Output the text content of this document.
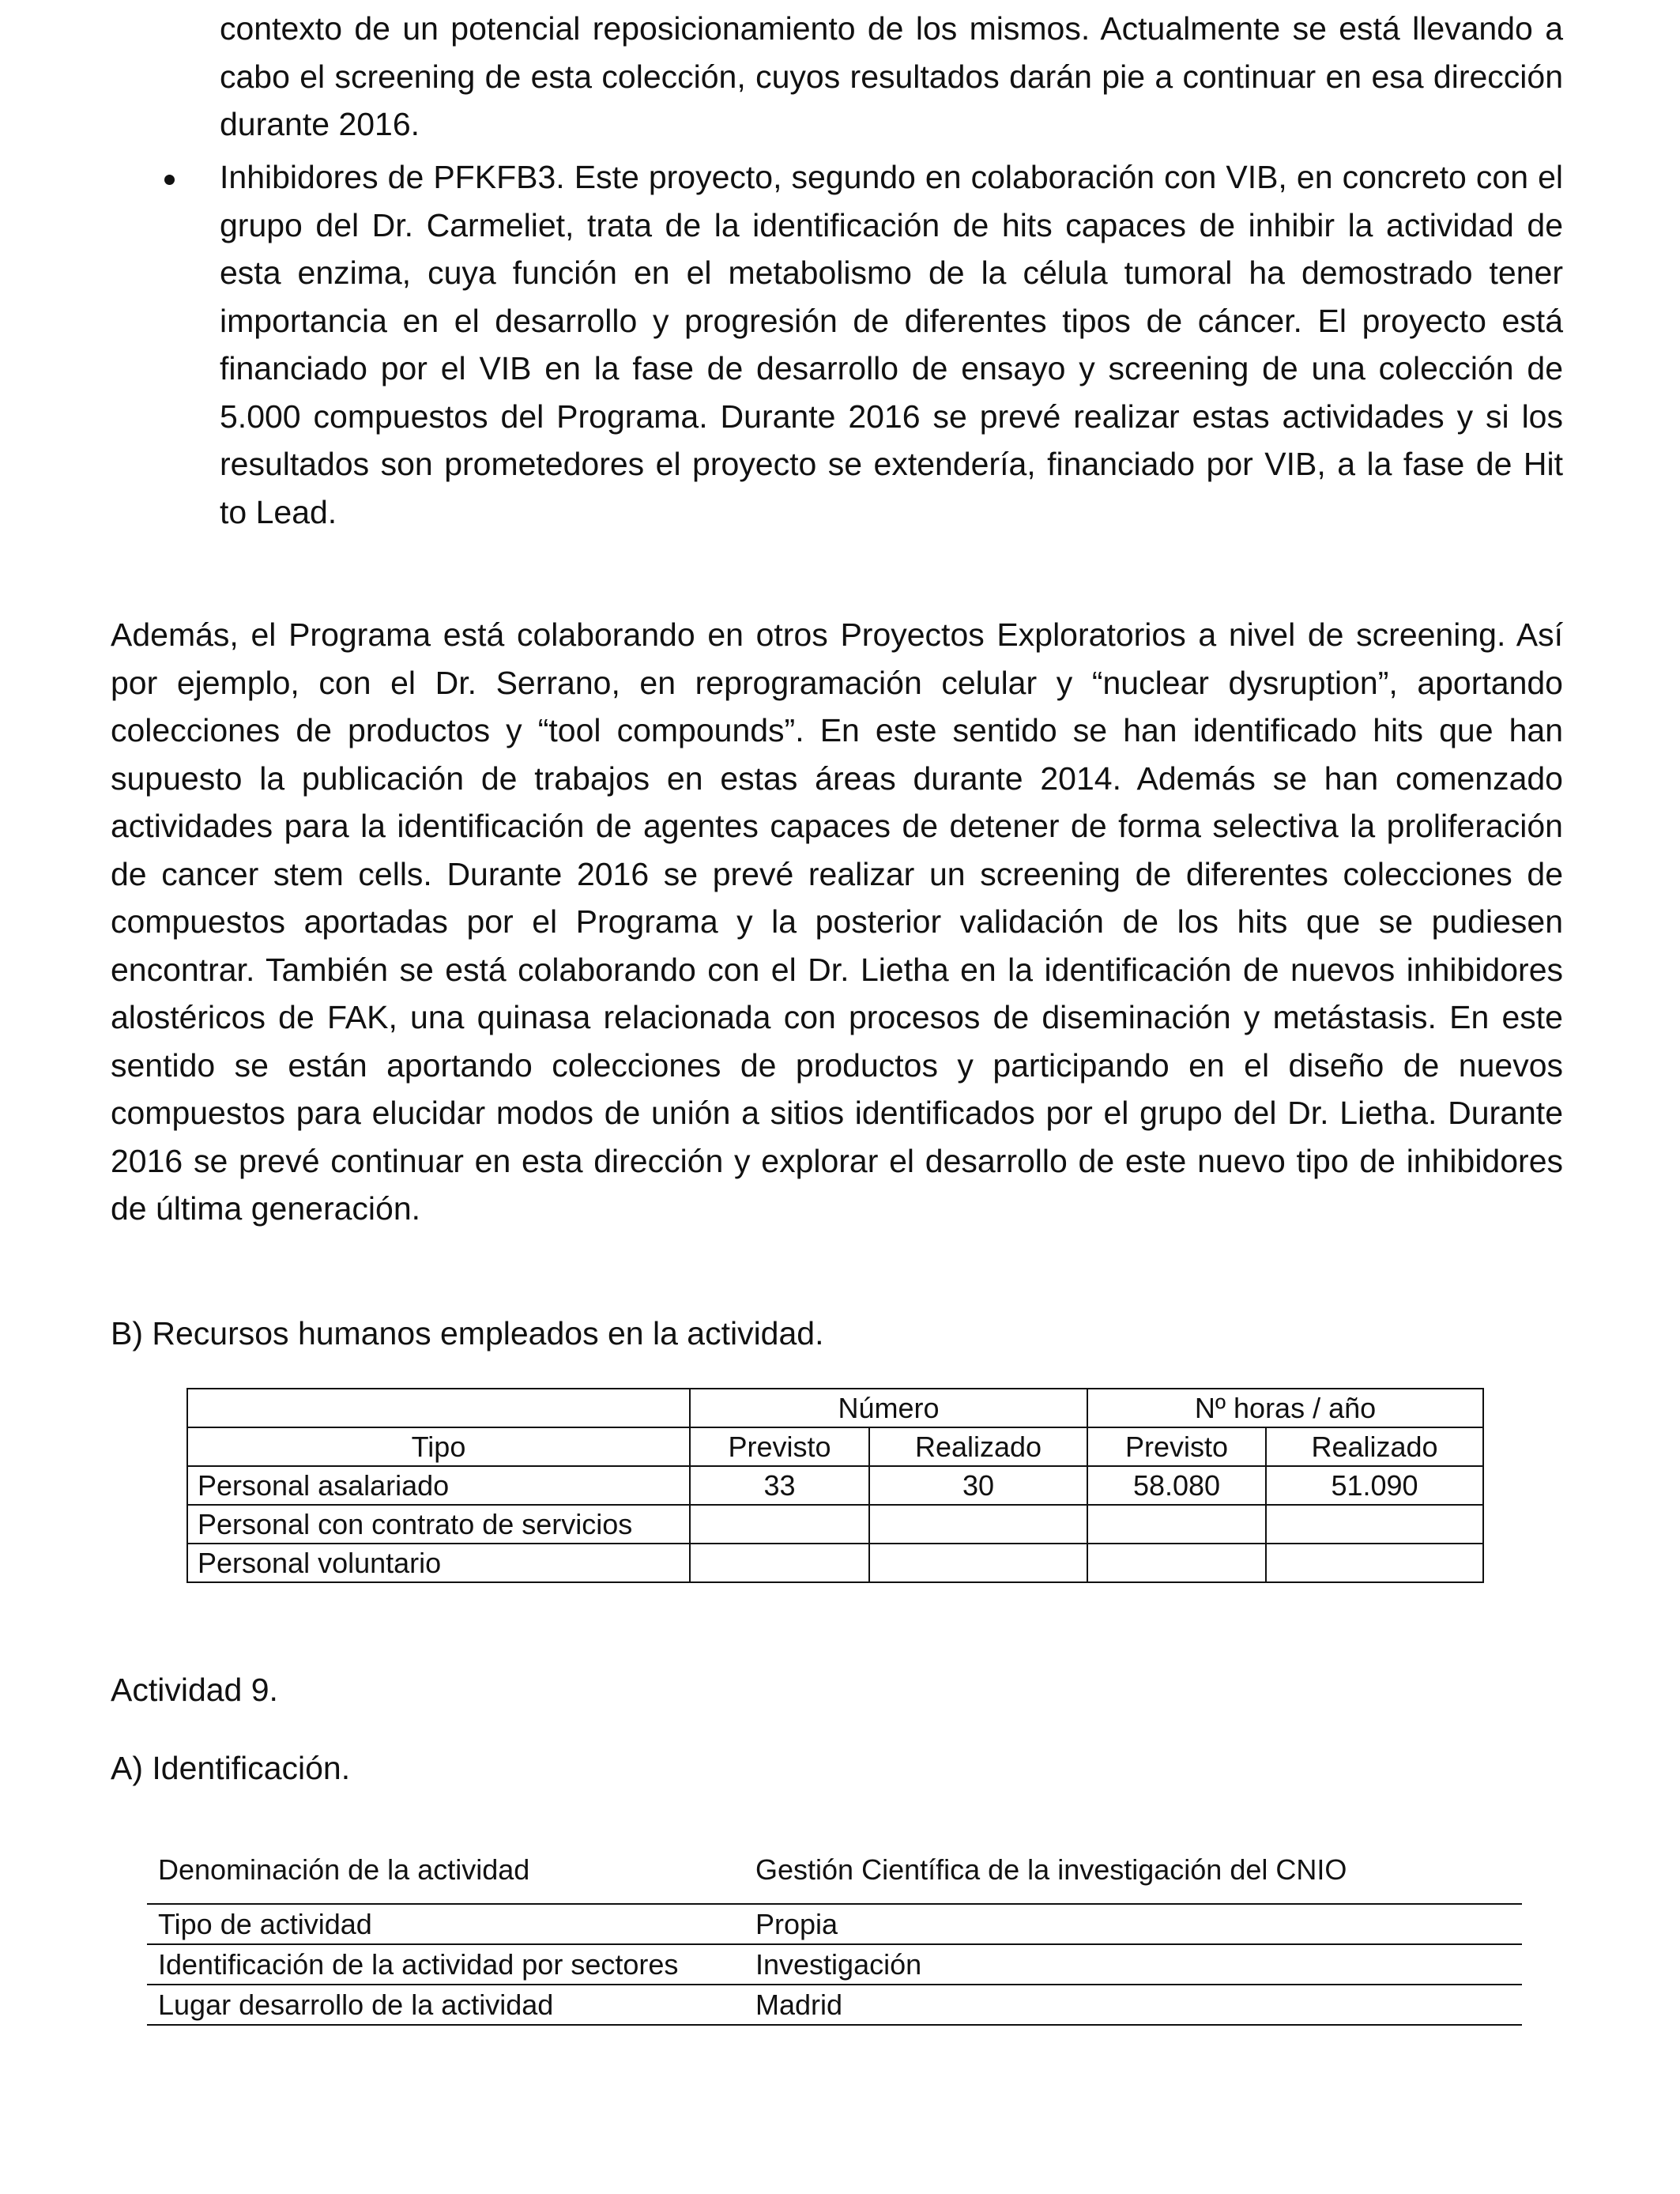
contexto de un potencial reposicionamiento de los mismos. Actualmente se está llevando a cabo el screening de esta colección, cuyos resultados darán pie a continuar en esa dirección durante 2016.

Inhibidores de PFKFB3. Este proyecto, segundo en colaboración con VIB, en concreto con el grupo del Dr. Carmeliet, trata de la identificación de hits capaces de inhibir la actividad de esta enzima, cuya función en el metabolismo de la célula tumoral ha demostrado tener importancia en el desarrollo y progresión de diferentes tipos de cáncer. El proyecto está financiado por el VIB en la fase de desarrollo de ensayo y screening de una colección de 5.000 compuestos del Programa. Durante 2016 se prevé realizar estas actividades y si los resultados son prometedores el proyecto se extendería, financiado por VIB, a la fase de Hit to Lead.

Además, el Programa está colaborando en otros Proyectos Exploratorios a nivel de screening. Así por ejemplo, con el Dr. Serrano, en reprogramación celular y “nuclear dysruption”, aportando colecciones de productos y “tool compounds”. En este sentido se han identificado hits que han supuesto la publicación de trabajos en estas áreas durante 2014. Además se han comenzado actividades para la identificación de agentes capaces de detener de forma selectiva la proliferación de cancer stem cells. Durante 2016 se prevé realizar un screening de diferentes colecciones de compuestos aportadas por el Programa y la posterior validación de los hits que se pudiesen encontrar. También se está colaborando con el Dr. Lietha en la identificación de nuevos inhibidores alostéricos de FAK, una quinasa relacionada con procesos de diseminación y metástasis. En este sentido se están aportando colecciones de productos y participando en el diseño de nuevos compuestos para elucidar modos de unión a sitios identificados por el grupo del Dr. Lietha. Durante 2016 se prevé continuar en esta dirección y explorar el desarrollo de este nuevo tipo de inhibidores de última generación.

B) Recursos humanos empleados en la actividad.

	Número		Nº horas / año	
Tipo	Previsto	Realizado	Previsto	Realizado
Personal asalariado	33	30	58.080	51.090
Personal con contrato de servicios				
Personal voluntario				

Actividad 9.

A) Identificación.

Denominación de la actividad	Gestión Científica de la investigación del CNIO
Tipo de actividad	Propia
Identificación de la actividad por sectores	Investigación
Lugar desarrollo de la actividad	Madrid
